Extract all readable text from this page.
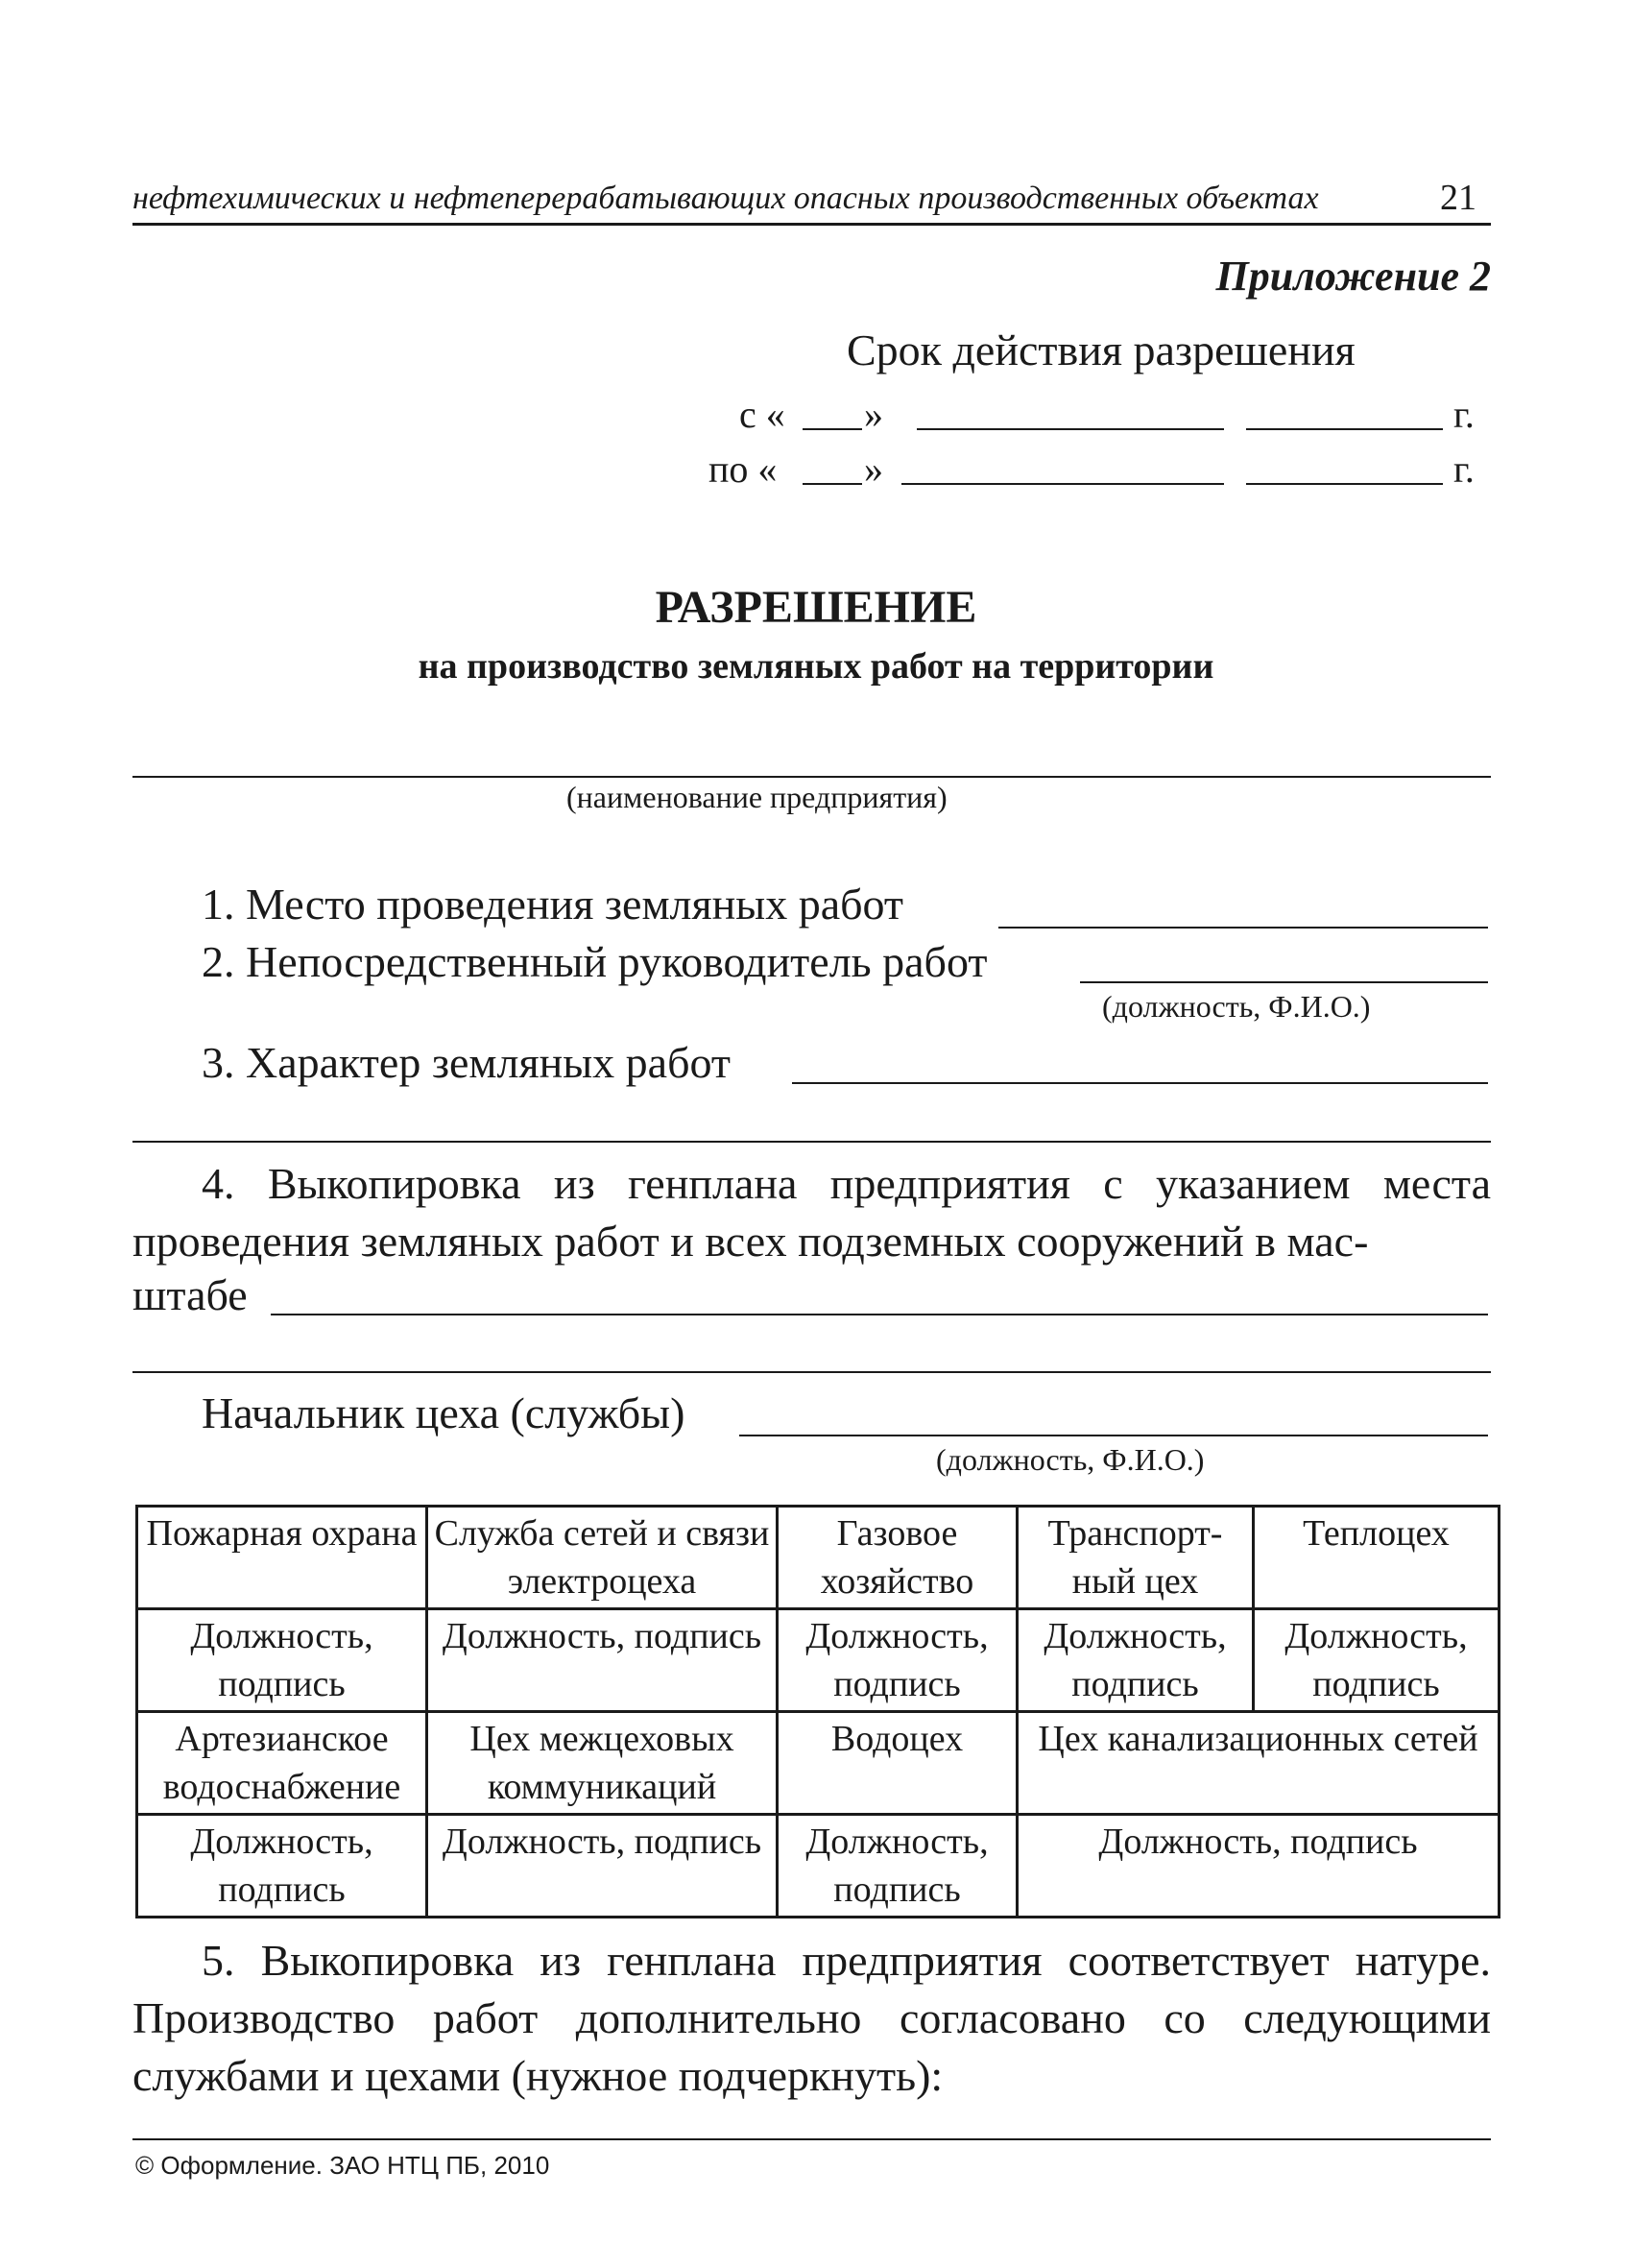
нефтехимических и нефтеперерабатывающих опасных производственных объектах	21
Приложение 2
Срок действия разрешения
с « »	г.
по « »	г.
РАЗРЕШЕНИЕ
на производство земляных работ на территории
(наименование предприятия)
1. Место проведения земляных работ
2. Непосредственный руководитель работ
(должность, Ф.И.О.)
3. Характер земляных работ
4. Выкопировка из генплана предприятия с указанием места проведения земляных работ и всех подземных сооружений в мас-
штабе
Начальник цеха (службы)
(должность, Ф.И.О.)
Пожарная охрана	Служба сетей и связи электроцеха	Газовое хозяйство	Транспорт-ный цех	Теплоцех
Должность, подпись	Должность, подпись	Должность, подпись	Должность, подпись	Должность, подпись
Артезианское водоснабжение	Цех межцеховых коммуникаций	Водоцех	Цех канализационных сетей	
Должность, подпись	Должность, подпись	Должность, подпись	Должность, подпись	
5. Выкопировка из генплана предприятия соответствует натуре. Производство работ дополнительно согласовано со следующими службами и цехами (нужное подчеркнуть):
© Оформление. ЗАО НТЦ ПБ, 2010
